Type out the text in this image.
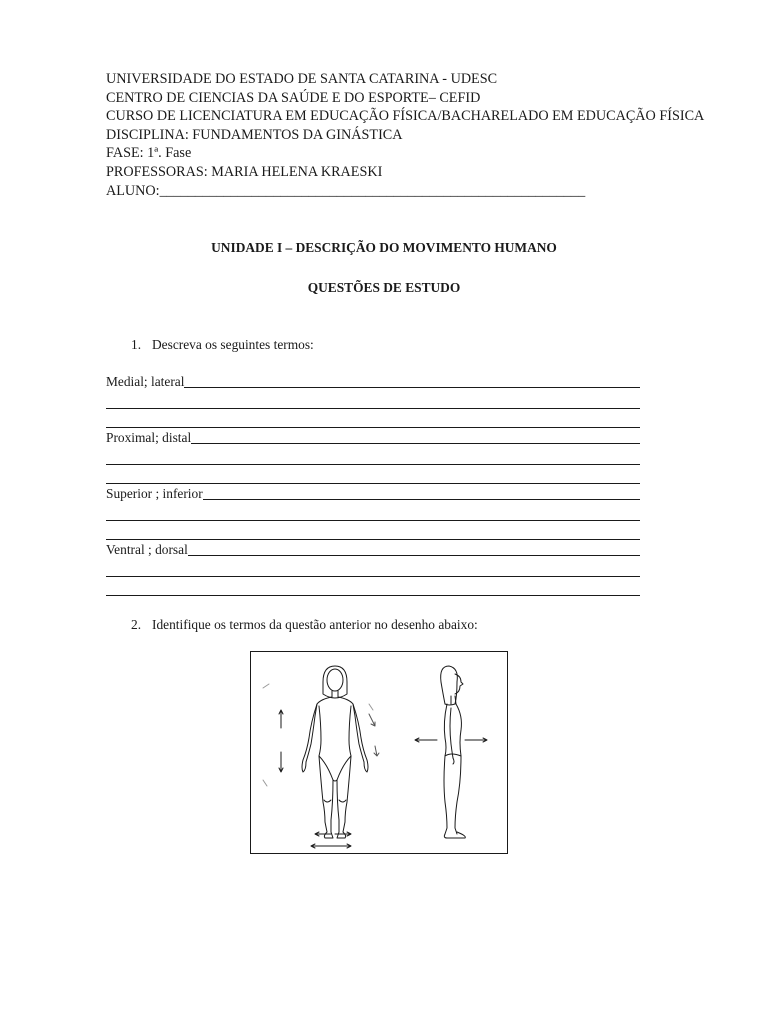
UNIVERSIDADE DO ESTADO DE SANTA CATARINA - UDESC
CENTRO DE CIENCIAS DA SAÚDE E DO ESPORTE– CEFID
CURSO DE LICENCIATURA EM EDUCAÇÃO FÍSICA/BACHARELADO EM EDUCAÇÃO FÍSICA
DISCIPLINA: FUNDAMENTOS DA GINÁSTICA
FASE: 1ª. Fase
PROFESSORAS: MARIA HELENA KRAESKI
ALUNO:____________________________________________________________
UNIDADE I – DESCRIÇÃO DO MOVIMENTO HUMANO
QUESTÕES DE ESTUDO
1. Descreva os seguintes termos:
Medial; lateral
Proximal; distal
Superior ; inferior
Ventral ; dorsal
2. Identifique os termos da questão anterior no desenho abaixo:
